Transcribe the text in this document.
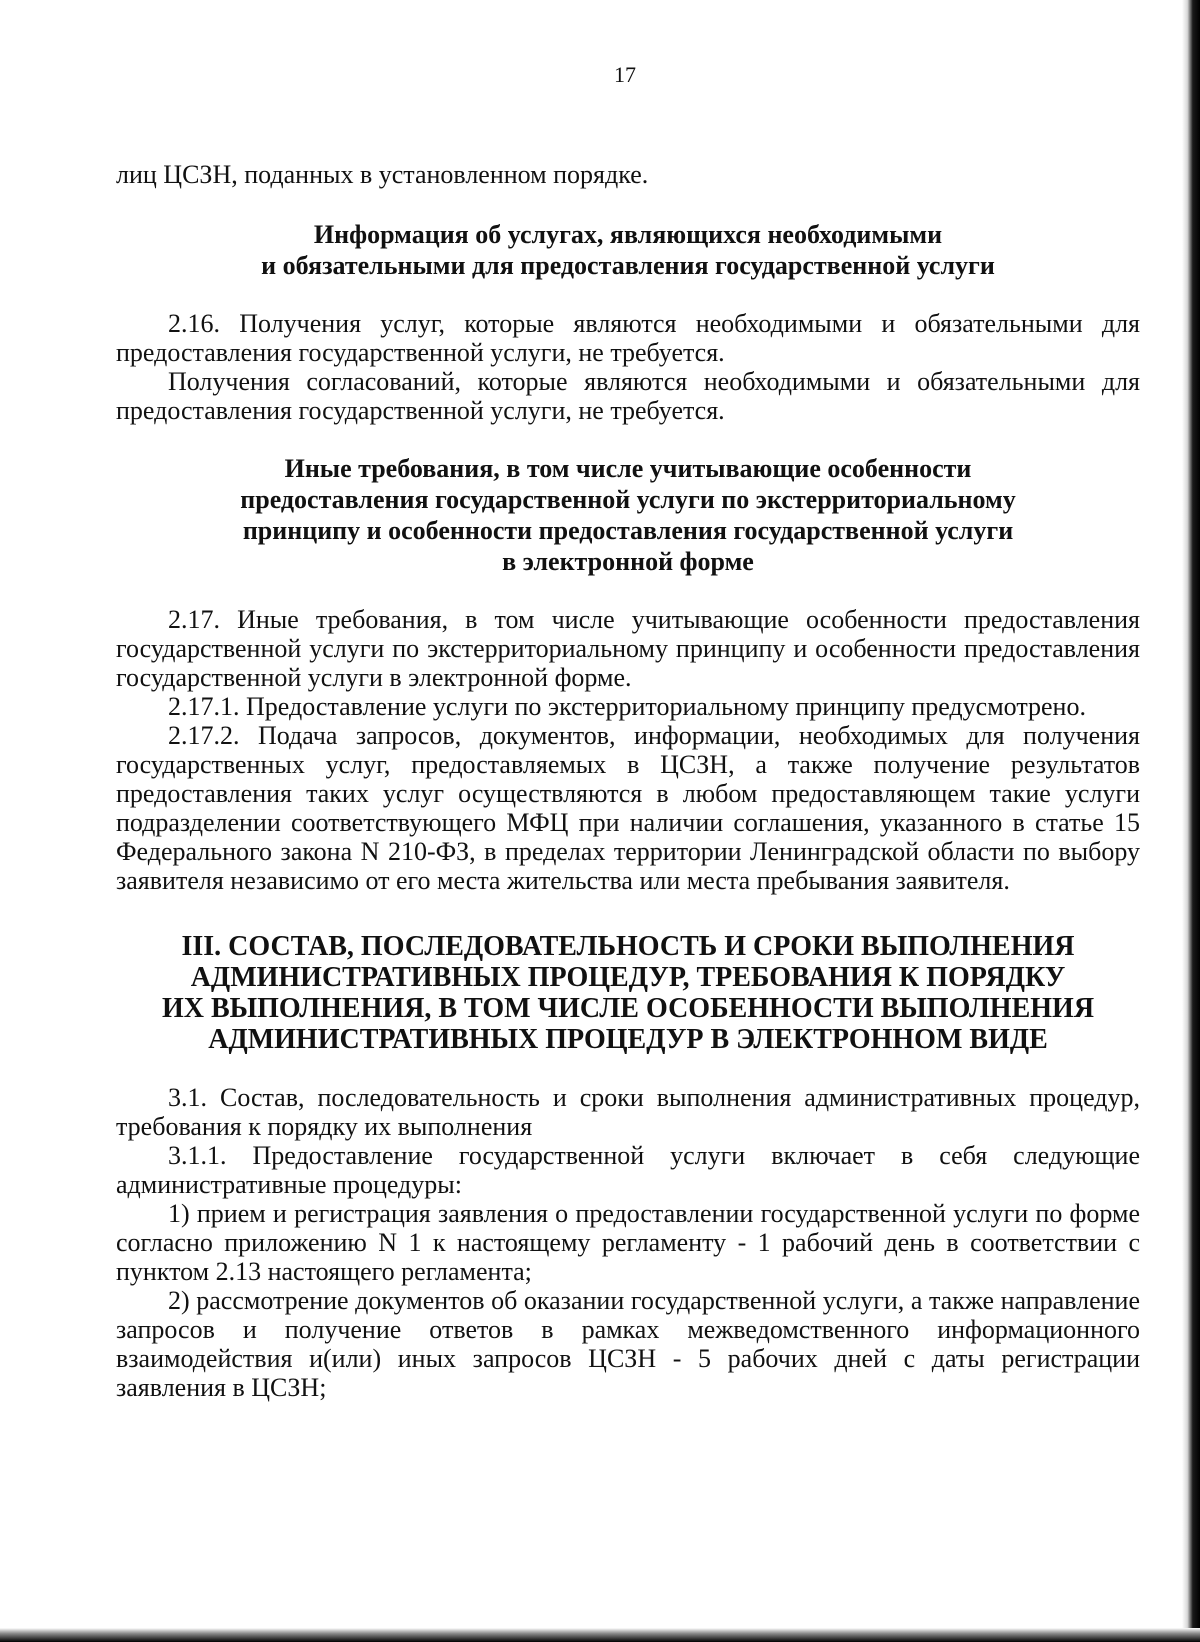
17

лиц ЦСЗН, поданных в установленном порядке.

Информация об услугах, являющихся необходимыми

и обязательными для предоставления государственной услуги

2.16. Получения услуг, которые являются необходимыми и обязательными для предоставления государственной услуги, не требуется.

Получения согласований, которые являются необходимыми и обязательными для предоставления государственной услуги, не требуется.

Иные требования, в том числе учитывающие особенности

предоставления государственной услуги по экстерриториальному

принципу и особенности предоставления государственной услуги

в электронной форме

2.17. Иные требования, в том числе учитывающие особенности предоставления государственной услуги по экстерриториальному принципу и особенности предоставления государственной услуги в электронной форме.

2.17.1. Предоставление услуги по экстерриториальному принципу предусмотрено.

2.17.2. Подача запросов, документов, информации, необходимых для получения государственных услуг, предоставляемых в ЦСЗН, а также получение результатов предоставления таких услуг осуществляются в любом предоставляющем такие услуги подразделении соответствующего МФЦ при наличии соглашения, указанного в статье 15 Федерального закона N 210-ФЗ, в пределах территории Ленинградской области по выбору заявителя независимо от его места жительства или места пребывания заявителя.

III. СОСТАВ, ПОСЛЕДОВАТЕЛЬНОСТЬ И СРОКИ ВЫПОЛНЕНИЯ

АДМИНИСТРАТИВНЫХ ПРОЦЕДУР, ТРЕБОВАНИЯ К ПОРЯДКУ

ИХ ВЫПОЛНЕНИЯ, В ТОМ ЧИСЛЕ ОСОБЕННОСТИ ВЫПОЛНЕНИЯ

АДМИНИСТРАТИВНЫХ ПРОЦЕДУР В ЭЛЕКТРОННОМ ВИДЕ

3.1. Состав, последовательность и сроки выполнения административных процедур, требования к порядку их выполнения

3.1.1. Предоставление государственной услуги включает в себя следующие административные процедуры:

1) прием и регистрация заявления о предоставлении государственной услуги по форме согласно приложению N 1 к настоящему регламенту - 1 рабочий день в соответствии с пунктом 2.13 настоящего регламента;

2) рассмотрение документов об оказании государственной услуги, а также направление запросов и получение ответов в рамках межведомственного информационного взаимодействия и(или) иных запросов ЦСЗН - 5 рабочих дней с даты регистрации заявления в ЦСЗН;
